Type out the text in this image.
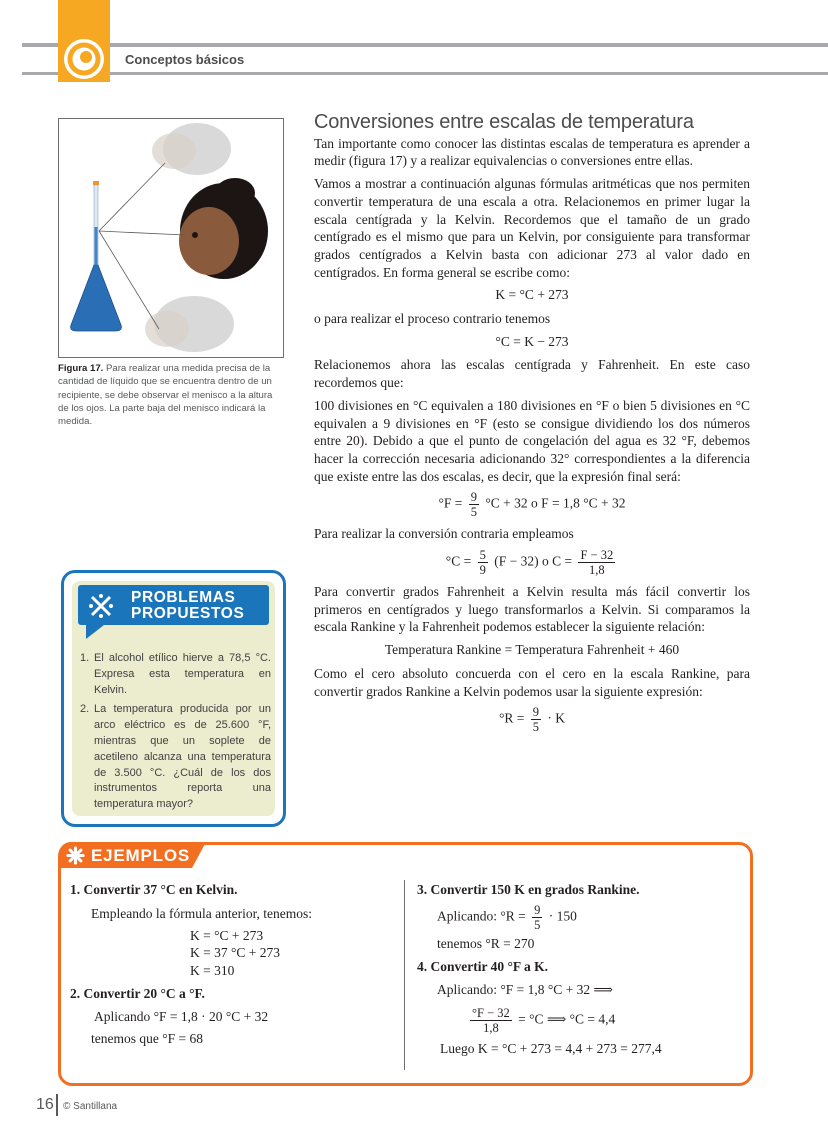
Conceptos básicos
Figura 17. Para realizar una medida precisa de la cantidad de líquido que se encuentra dentro de un recipiente, se debe observar el menisco a la altura de los ojos. La parte baja del menisco indicará la medida.
Conversiones entre escalas de temperatura

Tan importante como conocer las distintas escalas de temperatura es aprender a medir (figura 17) y a realizar equivalencias o conversiones entre ellas.

Vamos a mostrar a continuación algunas fórmulas aritméticas que nos permiten convertir temperatura de una escala a otra. Relacionemos en primer lugar la escala centígrada y la Kelvin. Recordemos que el tamaño de un grado centígrado es el mismo que para un Kelvin, por consiguiente para transformar grados centígrados a Kelvin basta con adicionar 273 al valor dado en centígrados. En forma general se escribe como:

K = °C + 273

o para realizar el proceso contrario tenemos

°C = K − 273

Relacionemos ahora las escalas centígrada y Fahrenheit. En este caso recordemos que:

100 divisiones en °C equivalen a 180 divisiones en °F o bien 5 divisiones en °C equivalen a 9 divisiones en °F (esto se consigue dividiendo los dos números entre 20). Debido a que el punto de congelación del agua es 32 °F, debemos hacer la corrección necesaria adicionando 32° correspondientes a la diferencia que existe entre las dos escalas, es decir, que la expresión final será:

$^\circ F = \frac{9}{5} ^\circ C + 32$ o F = 1,8 °C + 32

Para realizar la conversión contraria empleamos

$^\circ C = \frac{5}{9} (F - 32)$ o $C = \frac{F - 32}{1,8}$

Para convertir grados Fahrenheit a Kelvin resulta más fácil convertir los primeros en centígrados y luego transformarlos a Kelvin. Si comparamos la escala Rankine y la Fahrenheit podemos establecer la siguiente relación:

Temperatura Rankine = Temperatura Fahrenheit + 460

Como el cero absoluto concuerda con el cero en la escala Rankine, para convertir grados Rankine a Kelvin podemos usar la siguiente expresión:

$^\circ R = \frac{9}{5} \cdot K$
PROBLEMAS
PROPUESTOS
1. El alcohol etílico hierve a 78,5 °C. Expresa esta temperatura en Kelvin.
2. La temperatura producida por un arco eléctrico es de 25.600 °F, mientras que un soplete de acetileno alcanza una temperatura de 3.500 °C. ¿Cuál de los dos instrumentos reporta una temperatura mayor?
EJEMPLOS
1. Convertir 37 °C en Kelvin.
Empleando la fórmula anterior, tenemos:
K = °C + 273
K = 37 °C + 273
K = 310
2. Convertir 20 °C a °F.
Aplicando °F = 1,8 · 20 °C + 32
tenemos que °F = 68
3. Convertir 150 K en grados Rankine.
Aplicando: $^\circ R = \frac{9}{5} \cdot 150$
tenemos °R = 270
4. Convertir 40 °F a K.
Aplicando: °F = 1,8 °C + 32 ⟹
$\frac{^\circ F - 32}{1,8} = ^\circ C$ ⟹ °C = 4,4
Luego K = °C + 273 = 4,4 + 273 = 277,4
16 © Santillana
